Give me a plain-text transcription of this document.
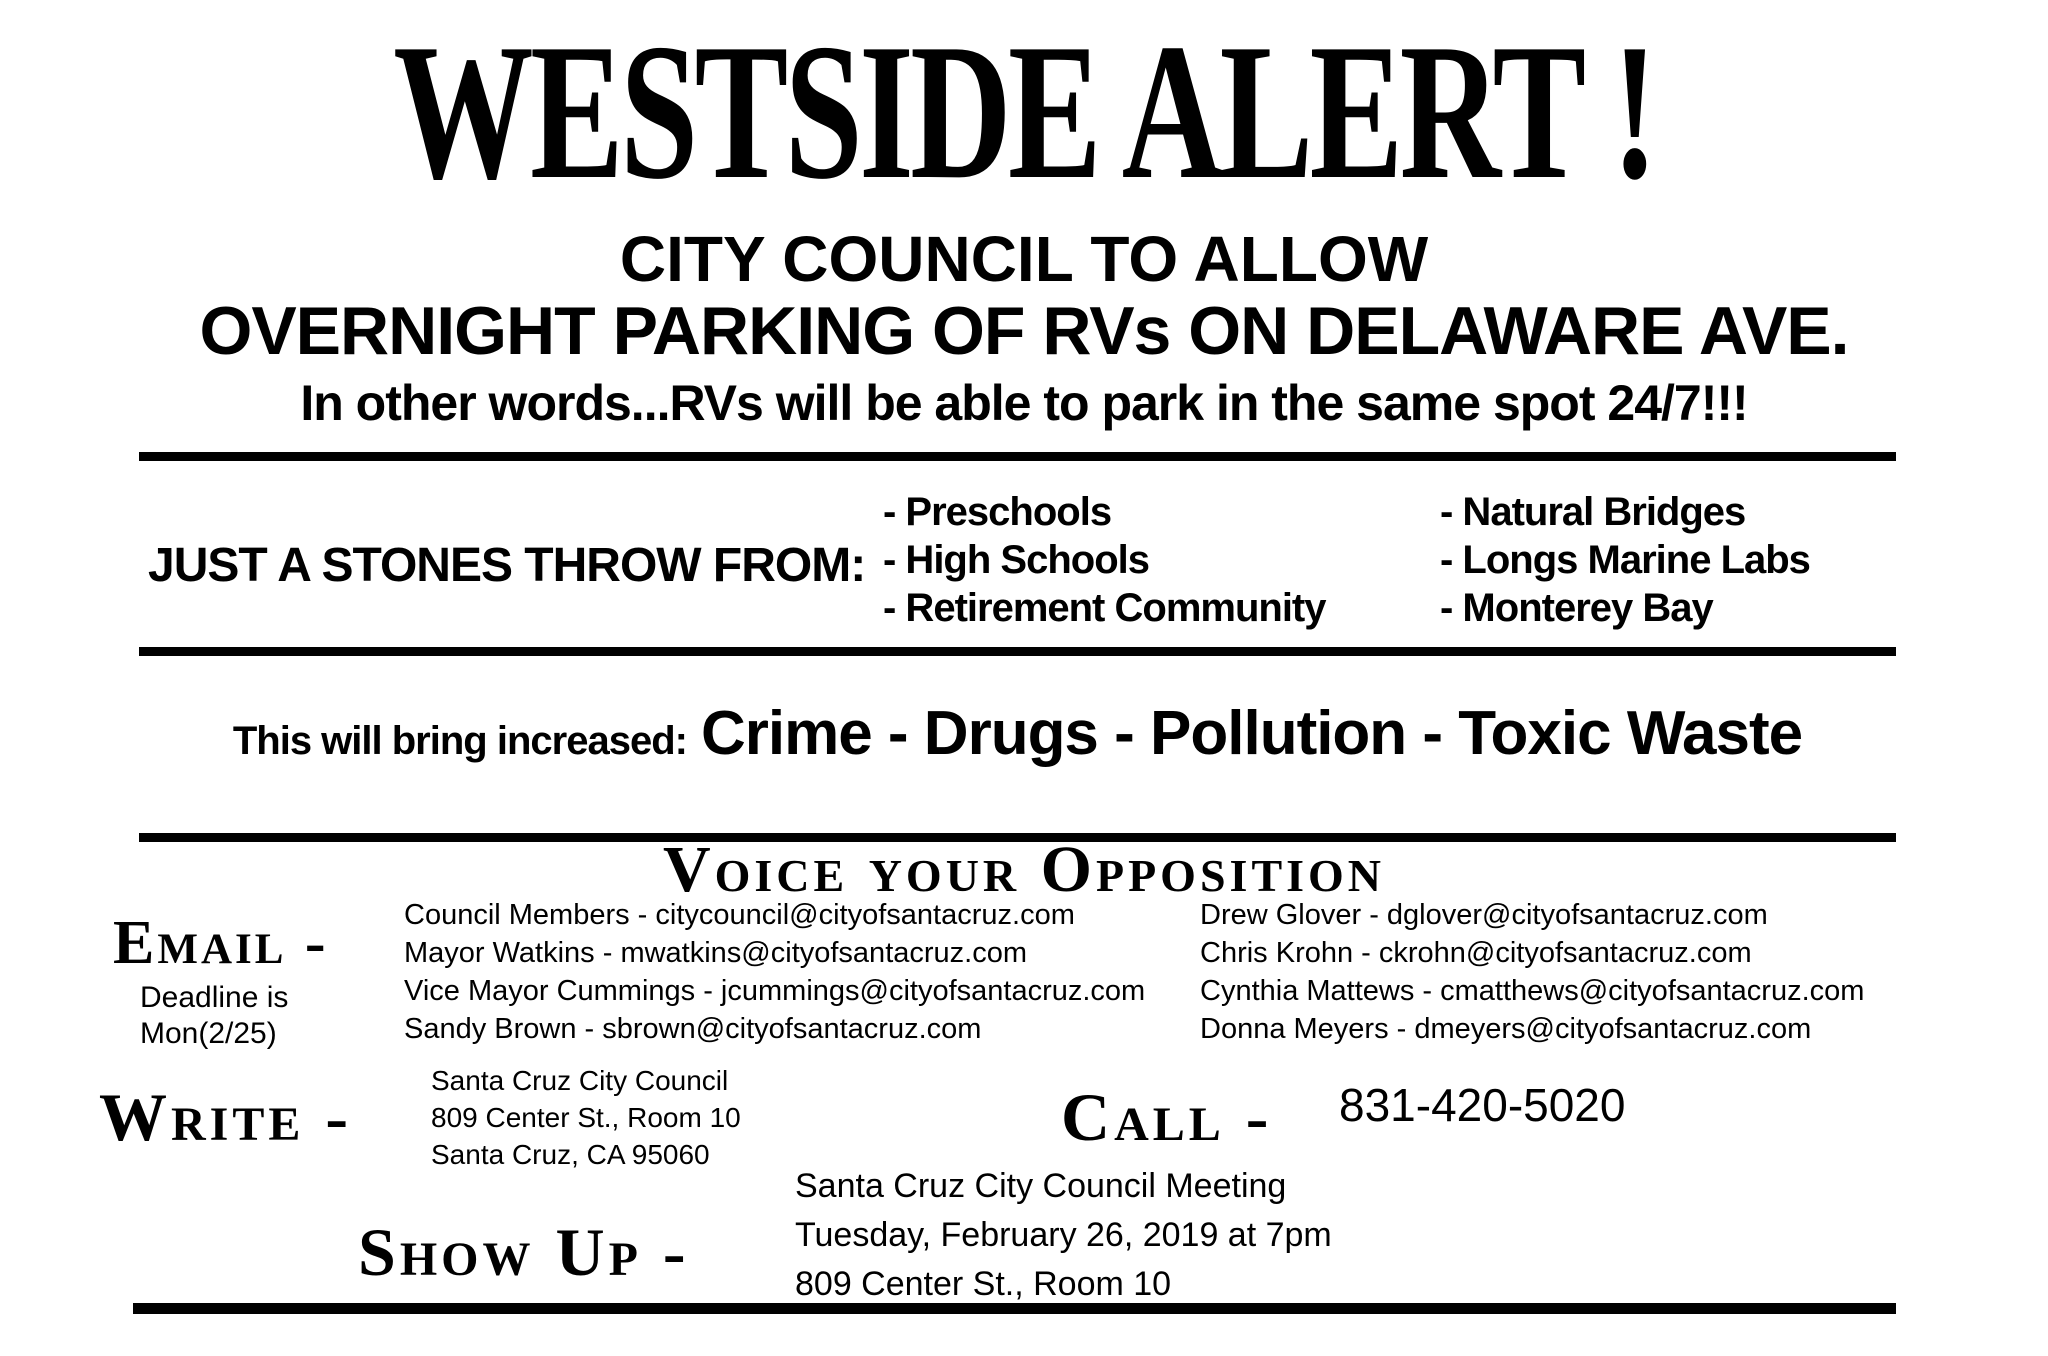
WESTSIDE ALERT !
CITY COUNCIL TO ALLOW
OVERNIGHT PARKING OF RVs ON DELAWARE AVE.
In other words...RVs will be able to park in the same spot 24/7!!!
JUST A STONES THROW FROM:
- Preschools
- High Schools
- Retirement Community
- Natural Bridges
- Longs Marine Labs
- Monterey Bay
This will bring increased: Crime - Drugs - Pollution - Toxic Waste
Voice your Opposition
Email -
Deadline is
Mon(2/25)
Council Members - citycouncil@cityofsantacruz.com
Mayor Watkins - mwatkins@cityofsantacruz.com
Vice Mayor Cummings - jcummings@cityofsantacruz.com
Sandy Brown - sbrown@cityofsantacruz.com
Drew Glover - dglover@cityofsantacruz.com
Chris Krohn - ckrohn@cityofsantacruz.com
Cynthia Mattews - cmatthews@cityofsantacruz.com
Donna Meyers - dmeyers@cityofsantacruz.com
Write -	Santa Cruz City Council
809 Center St., Room 10
Santa Cruz, CA 95060	Call - 831-420-5020
Show Up -
Santa Cruz City Council Meeting
Tuesday, February 26, 2019 at 7pm
809 Center St., Room 10
